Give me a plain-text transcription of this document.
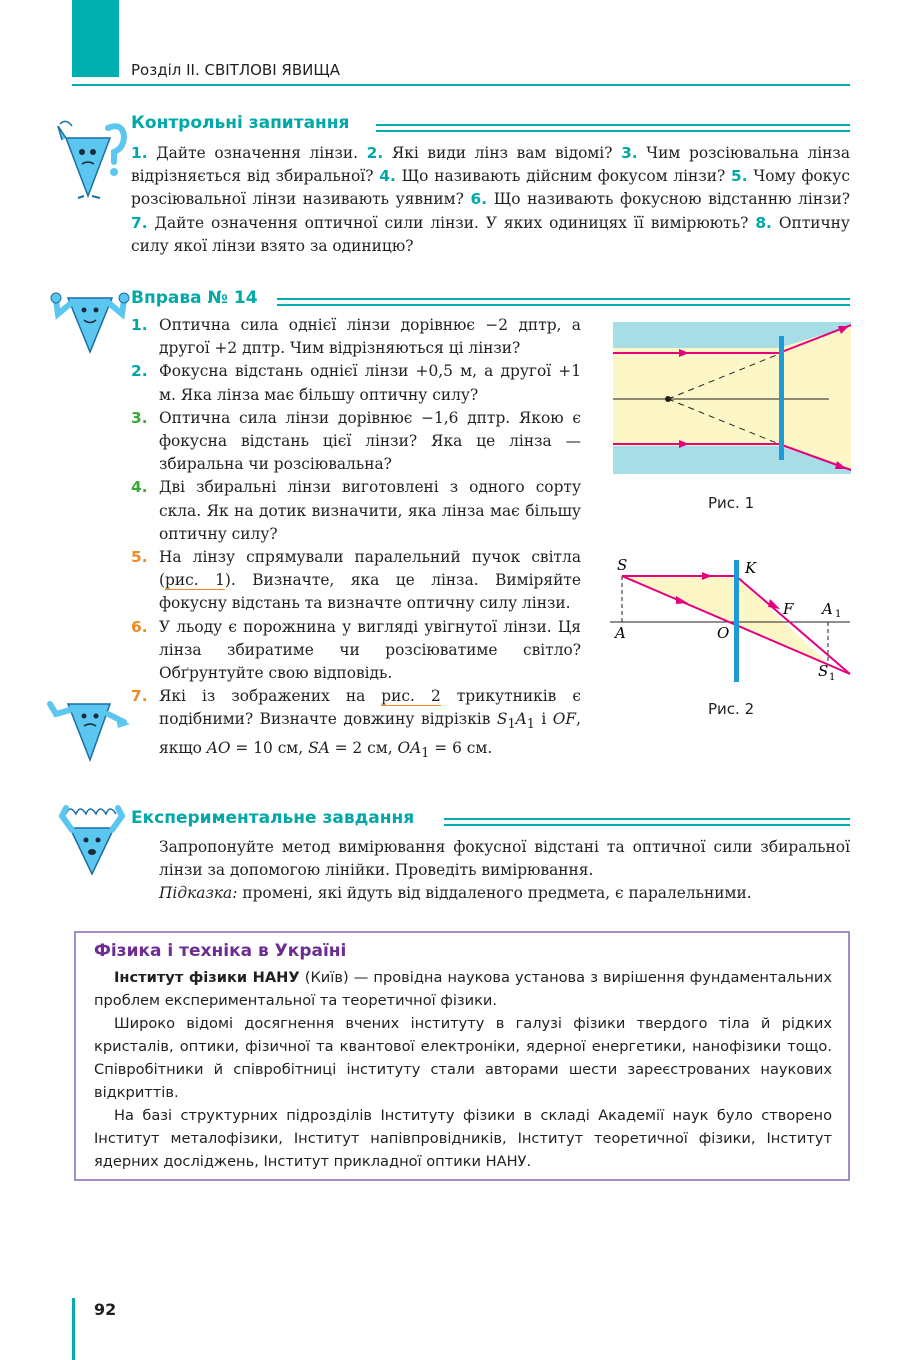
Розділ II. СВІТЛОВІ ЯВИЩА
Контрольні запитання
1. Дайте означення лінзи. 2. Які види лінз вам відомі? 3. Чим розсіювальна лінза відрізняється від збиральної? 4. Що називають дійсним фокусом лінзи? 5. Чому фокус розсіювальної лінзи називають уявним? 6. Що називають фокусною відстанню лінзи? 7. Дайте означення оптичної сили лінзи. У яких одиницях її вимірюють? 8. Оптичну силу якої лінзи взято за одиницю?
Вправа № 14
1. Оптична сила однієї лінзи дорівнює −2 дптр, а другої +2 дптр. Чим відрізняються ці лінзи?
2. Фокусна відстань однієї лінзи +0,5 м, а другої +1 м. Яка лінза має більшу оптичну силу?
3. Оптична сила лінзи дорівнює −1,6 дптр. Якою є фокусна відстань цієї лінзи? Яка це лінза — збиральна чи розсіювальна?
4. Дві збиральні лінзи виготовлені з одного сорту скла. Як на дотик визначити, яка лінза має більшу оптичну силу?
5. На лінзу спрямували паралельний пучок світла (рис. 1). Визначте, яка це лінза. Виміряйте фокусну відстань та визначте оптичну силу лінзи.
6. У льоду є порожнина у вигляді увігнутої лінзи. Ця лінза збиратиме чи розсіюватиме світло? Обґрунтуйте свою відповідь.
7. Які із зображених на рис. 2 трикутників є подібними? Визначте довжину відрізків $S_1A_1$ і OF, якщо AO = 10 см, SA = 2 см, $OA_1 = 6$ см.
Рис. 1
S	K
F A 1
A	O
S 1
Рис. 2
Експериментальне завдання
Запропонуйте метод вимірювання фокусної відстані та оптичної сили збиральної лінзи за допомогою лінійки. Проведіть вимірювання.
Підказка: промені, які йдуть від віддаленого предмета, є паралельними.
Фізика і техніка в Україні

Інститут фізики НАНУ (Київ) — провідна наукова установа з вирішення фундаментальних проблем експериментальної та теоретичної фізики.

Широко відомі досягнення вчених інституту в галузі фізики твердого тіла й рідких кристалів, оптики, фізичної та квантової електроніки, ядерної енергетики, нанофізики тощо. Співробітники й співробітниці інституту стали авторами шести зареєстрованих наукових відкриттів.

На базі структурних підрозділів Інституту фізики в складі Академії наук було створено Інститут металофізики, Інститут напівпровідників, Інститут теоретичної фізики, Інститут ядерних досліджень, Інститут прикладної оптики НАНУ.

92
